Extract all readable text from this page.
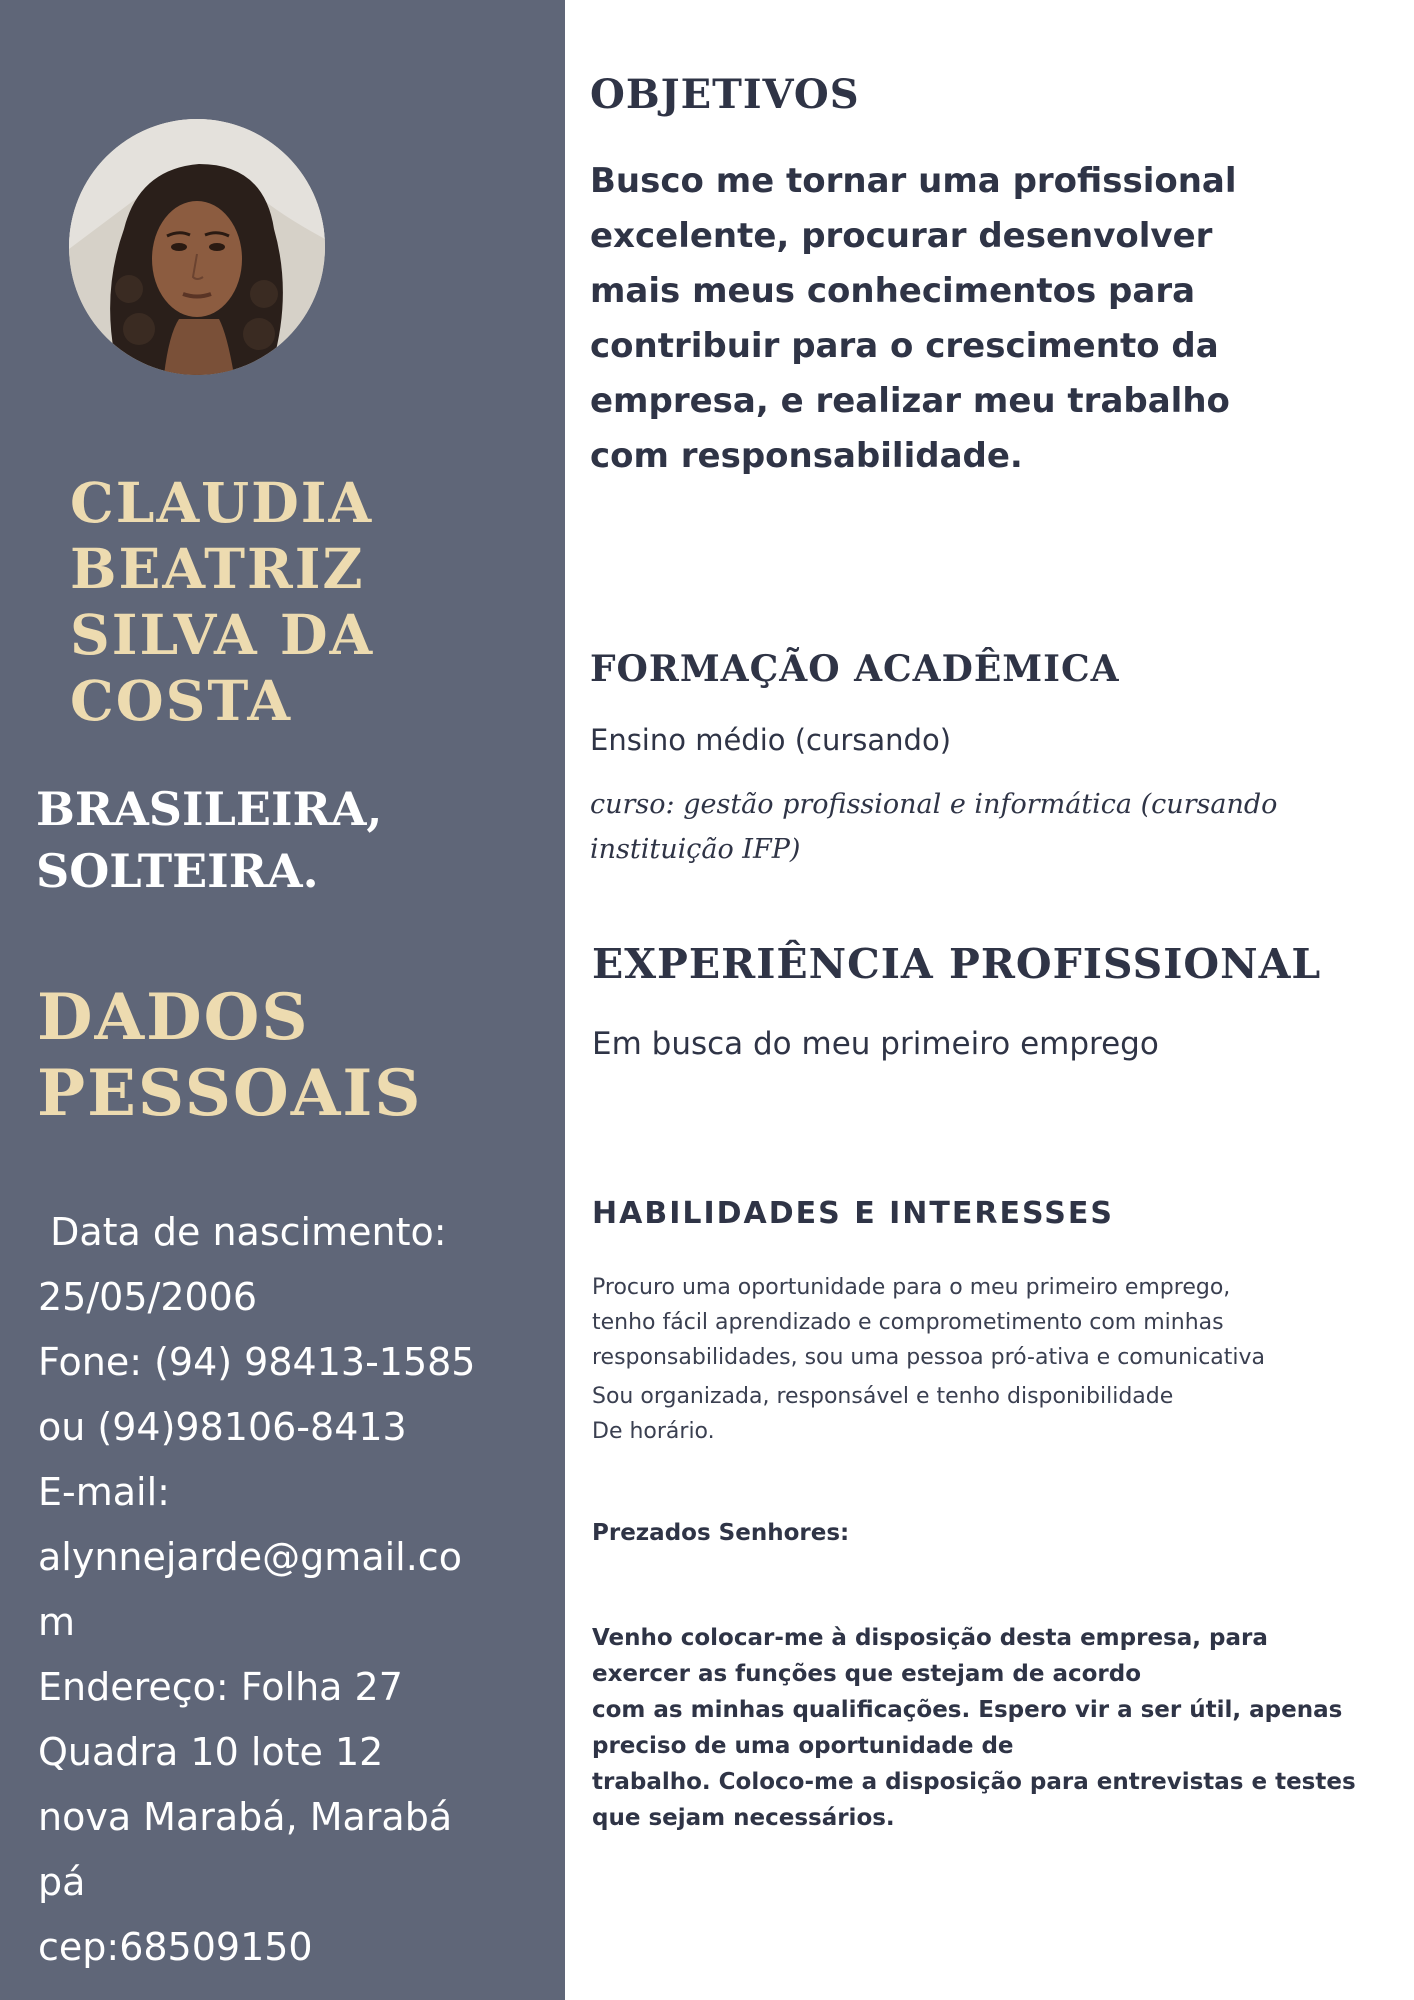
CLAUDIA
BEATRIZ
SILVA DA
COSTA
BRASILEIRA,
SOLTEIRA.
DADOS
PESSOAIS
Data de nascimento:
25/05/2006
Fone: (94) 98413-1585
ou (94)98106-8413
E-mail:
alynnejarde@gmail.co
m
Endereço: Folha 27
Quadra 10 lote 12
nova Marabá, Marabá
pá
cep:68509150
OBJETIVOS
Busco me tornar uma profissional
excelente, procurar desenvolver
mais meus conhecimentos para
contribuir para o crescimento da
empresa, e realizar meu trabalho
com responsabilidade.
FORMAÇÃO ACADÊMICA
Ensino médio (cursando)
curso: gestão profissional e informática (cursando
instituição IFP)
EXPERIÊNCIA PROFISSIONAL
Em busca do meu primeiro emprego
HABILIDADES E INTERESSES
Procuro uma oportunidade para o meu primeiro emprego,
tenho fácil aprendizado e comprometimento com minhas
responsabilidades, sou uma pessoa pró-ativa e comunicativa
Sou organizada, responsável e tenho disponibilidade
De horário.
Prezados Senhores:
Venho colocar-me à disposição desta empresa, para
exercer as funções que estejam de acordo
com as minhas qualificações. Espero vir a ser útil, apenas
preciso de uma oportunidade de
trabalho. Coloco-me a disposição para entrevistas e testes
que sejam necessários.
